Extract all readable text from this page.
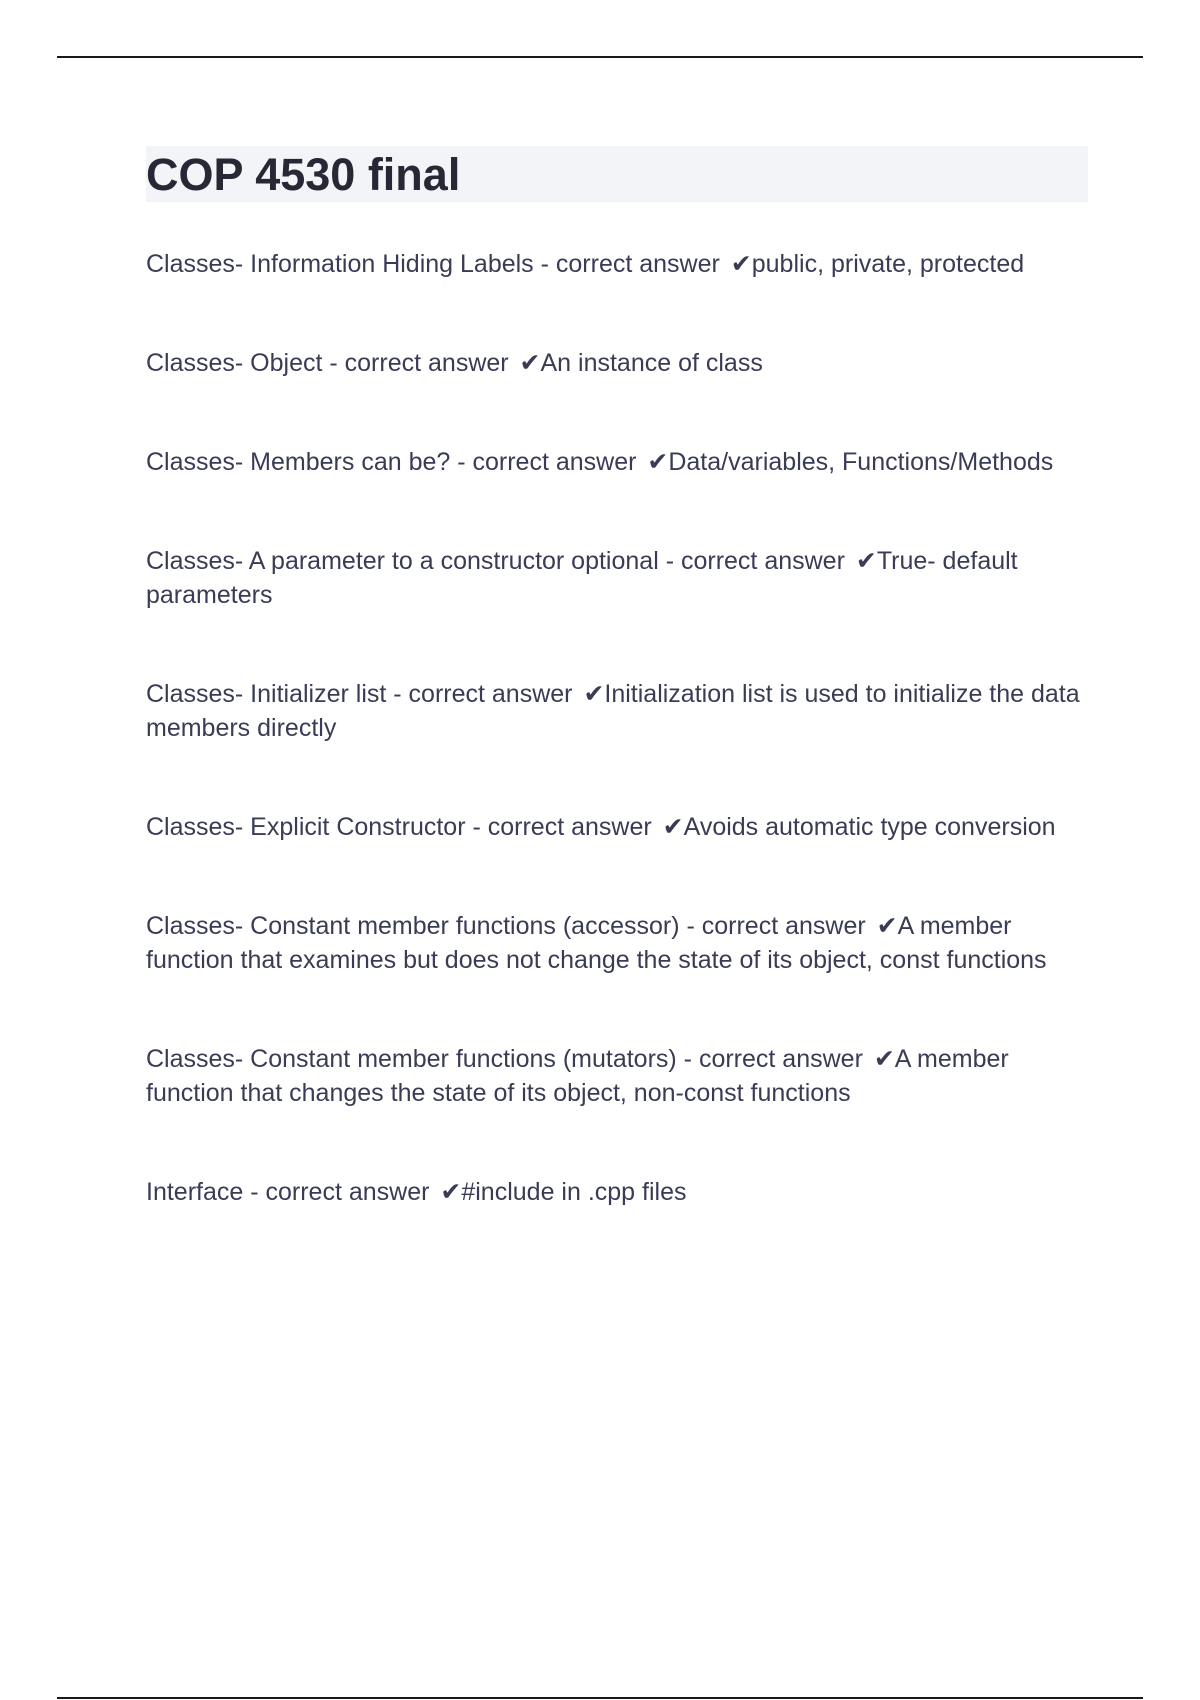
COP 4530 final
Classes- Information Hiding Labels - correct answer ✔public, private, protected
Classes- Object - correct answer ✔An instance of class
Classes- Members can be? - correct answer ✔Data/variables, Functions/Methods
Classes- A parameter to a constructor optional - correct answer ✔True- default parameters
Classes- Initializer list - correct answer ✔Initialization list is used to initialize the data members directly
Classes- Explicit Constructor - correct answer ✔Avoids automatic type conversion
Classes- Constant member functions (accessor) - correct answer ✔A member function that examines but does not change the state of its object, const functions
Classes- Constant member functions (mutators) - correct answer ✔A member function that changes the state of its object, non-const functions
Interface - correct answer ✔#include in .cpp files
